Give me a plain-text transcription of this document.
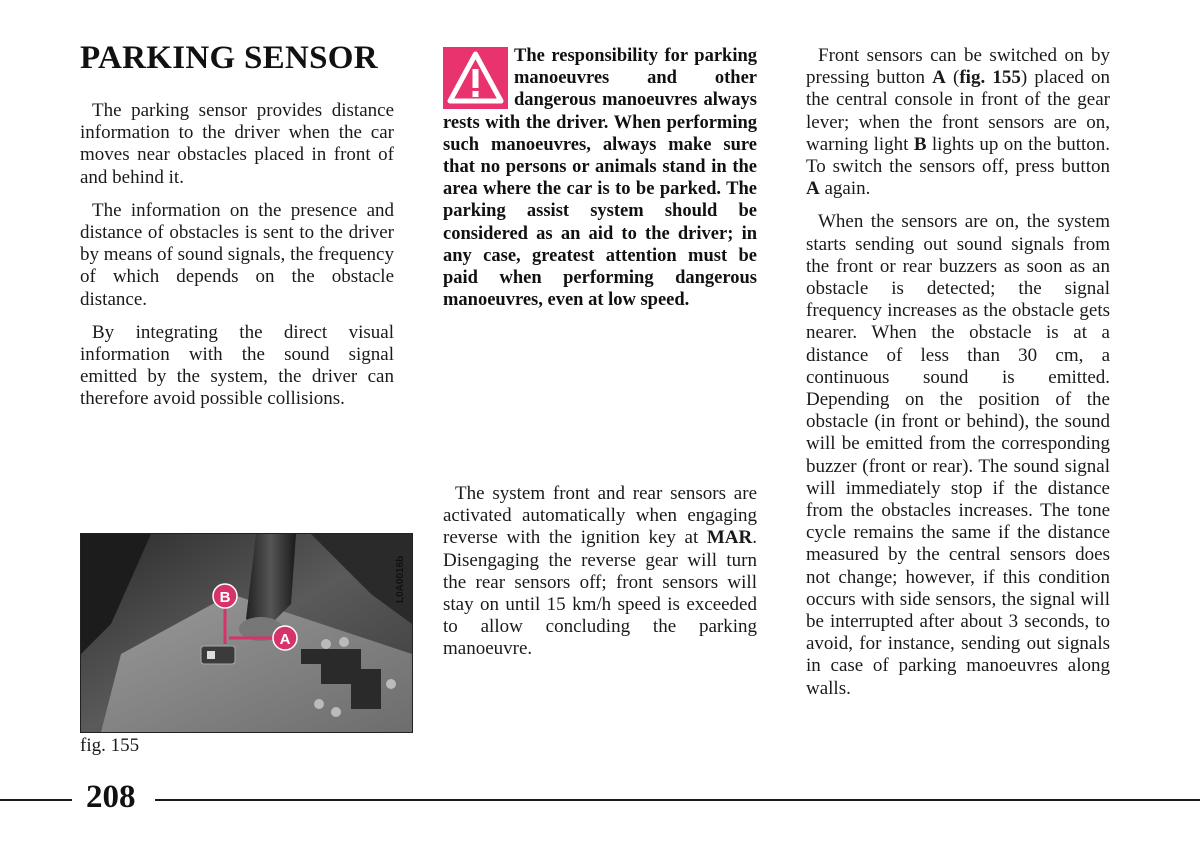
PARKING SENSOR

The parking sensor provides distance information to the driver when the car moves near obstacles placed in front of and behind it.

The information on the presence and distance of obstacles is sent to the driver by means of sound signals, the frequency of which depends on the obstacle distance.

By integrating the direct visual information with the sound signal emitted by the system, the driver can therefore avoid possible collisions.

The responsibility for parking manoeuvres and other dangerous manoeuvres always rests with the driver. When performing such manoeuvres, always make sure that no persons or animals stand in the area where the car is to be parked. The parking assist system should be considered as an aid to the driver; in any case, greatest attention must be paid when performing dangerous manoeuvres, even at low speed.

The system front and rear sensors are activated automatically when engaging reverse with the ignition key at MAR. Disengaging the reverse gear will turn the rear sensors off; front sensors will stay on until 15 km/h speed is exceeded to allow concluding the parking manoeuvre.

Front sensors can be switched on by pressing button A (fig. 155) placed on the central console in front of the gear lever; when the front sensors are on, warning light B lights up on the button. To switch the sensors off, press button A again.

When the sensors are on, the system starts sending out sound signals from the front or rear buzzers as soon as an obstacle is detected; the signal frequency increases as the obstacle gets nearer. When the obstacle is at a distance of less than 30 cm, a continuous sound is emitted. Depending on the position of the obstacle (in front or behind), the sound will be emitted from the corresponding buzzer (front or rear). The sound signal will immediately stop if the distance from the obstacles increases. The tone cycle remains the same if the distance measured by the central sensors does not change; however, if this condition occurs with side sensors, the signal will be interrupted after about 3 seconds, to avoid, for instance, sending out signals in case of parking manoeuvres along walls.

B
A
L0A0016b
fig. 155
208
